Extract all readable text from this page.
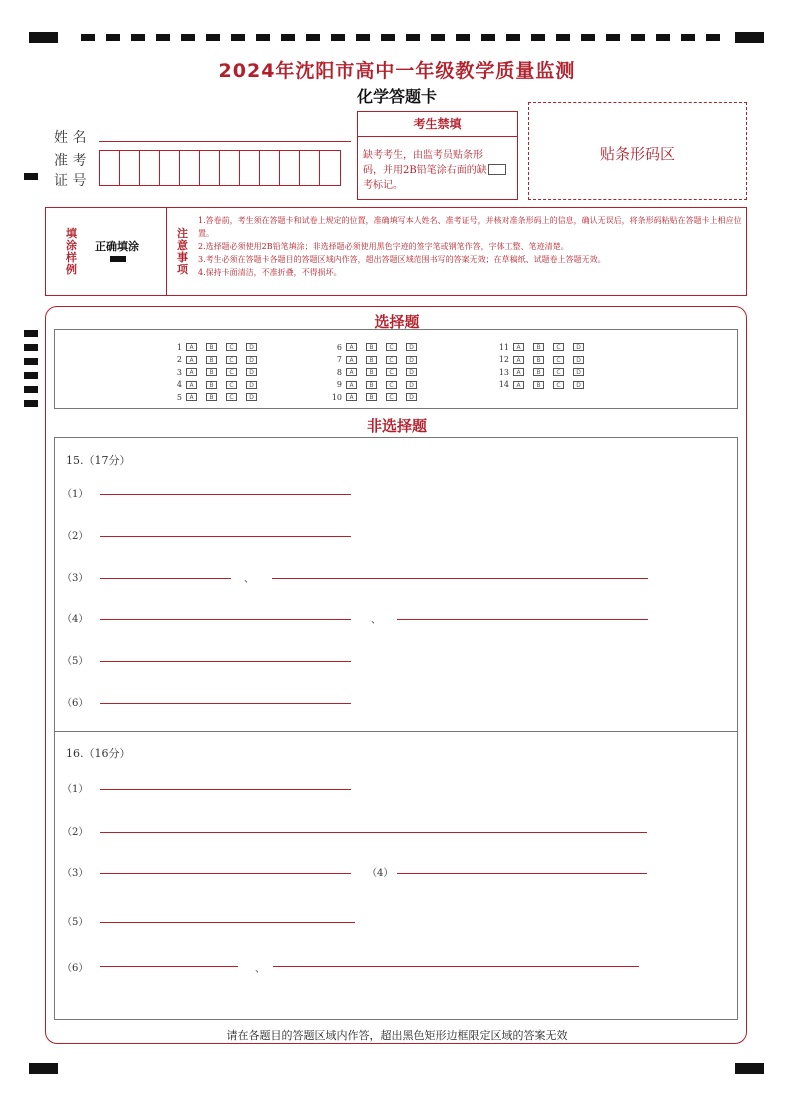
2024年沈阳市高中一年级教学质量监测
化学答题卡
姓 名
准 考
证 号
考生禁填
缺考考生，由监考员贴条形码，并用2B铅笔涂右面的缺考标记。
贴条形码区
填
涂
样
例
正确填涂
注
意
事
项

1.答卷前，考生须在答题卡和试卷上规定的位置，准确填写本人姓名、准考证号，并核对准条形码上的信息，确认无误后，将条形码粘贴在答题卡上相应位置。

2.选择题必须使用2B铅笔填涂；非选择题必须使用黑色字迹的签字笔或钢笔作答，字体工整、笔迹清楚。

3.考生必须在答题卡各题目的答题区域内作答，超出答题区域范围书写的答案无效；在草稿纸、试题卷上答题无效。

4.保持卡面清洁，不准折叠，不得损坏。

选择题
1	A	B	C	D
2	A	B	C	D
3	A	B	C	D
4	A	B	C	D
5	A	B	C	D
6	A	B	C	D
7	A	B	C	D
8	A	B	C	D
9	A	B	C	D
10	A	B	C	D
11	A	B	C	D
12	A	B	C	D
13	A	B	C	D
14	A	B	C	D
非选择题
15.（17分）
（1）
（2）
（3）	、
（4）	、
（5）
（6）
16.（16分）
（1）
（2）
（3）	（4）
（5）
（6）	、
请在各题目的答题区域内作答，超出黑色矩形边框限定区域的答案无效
